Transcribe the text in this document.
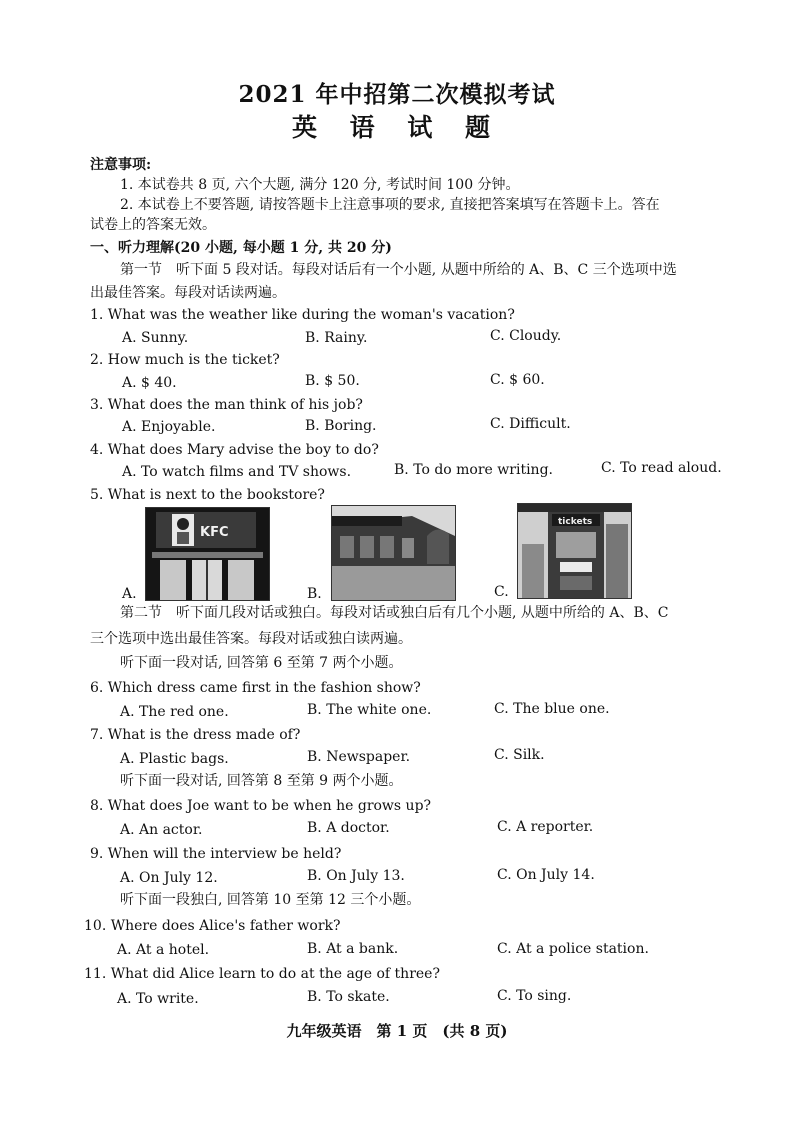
2021 年中招第二次模拟考试
英 语 试 题
注意事项:
1. 本试卷共 8 页, 六个大题, 满分 120 分, 考试时间 100 分钟。
2. 本试卷上不要答题, 请按答题卡上注意事项的要求, 直接把答案填写在答题卡上。答在
试卷上的答案无效。
一、听力理解(20 小题, 每小题 1 分, 共 20 分)
第一节　听下面 5 段对话。每段对话后有一个小题, 从题中所给的 A、B、C 三个选项中选
出最佳答案。每段对话读两遍。
1. What was the weather like during the woman's vacation?
A. Sunny.	B. Rainy.	C. Cloudy.
2. How much is the ticket?
A. $ 40.	B. $ 50.	C. $ 60.
3. What does the man think of his job?
A. Enjoyable.	B. Boring.	C. Difficult.
4. What does Mary advise the boy to do?
A. To watch films and TV shows.	B. To do more writing.	C. To read aloud.
5. What is next to the bookstore?
A.
KFC
B.	C.
tickets
第二节　听下面几段对话或独白。每段对话或独白后有几个小题, 从题中所给的 A、B、C
三个选项中选出最佳答案。每段对话或独白读两遍。
听下面一段对话, 回答第 6 至第 7 两个小题。
6. Which dress came first in the fashion show?
A. The red one.	B. The white one.	C. The blue one.
7. What is the dress made of?
A. Plastic bags.	B. Newspaper.	C. Silk.
听下面一段对话, 回答第 8 至第 9 两个小题。
8. What does Joe want to be when he grows up?
A. An actor.	B. A doctor.	C. A reporter.
9. When will the interview be held?
A. On July 12.	B. On July 13.	C. On July 14.
听下面一段独白, 回答第 10 至第 12 三个小题。
10. Where does Alice's father work?
A. At a hotel.	B. At a bank.	C. At a police station.
11. What did Alice learn to do at the age of three?
A. To write.	B. To skate.	C. To sing.
九年级英语　第 1 页　(共 8 页)
